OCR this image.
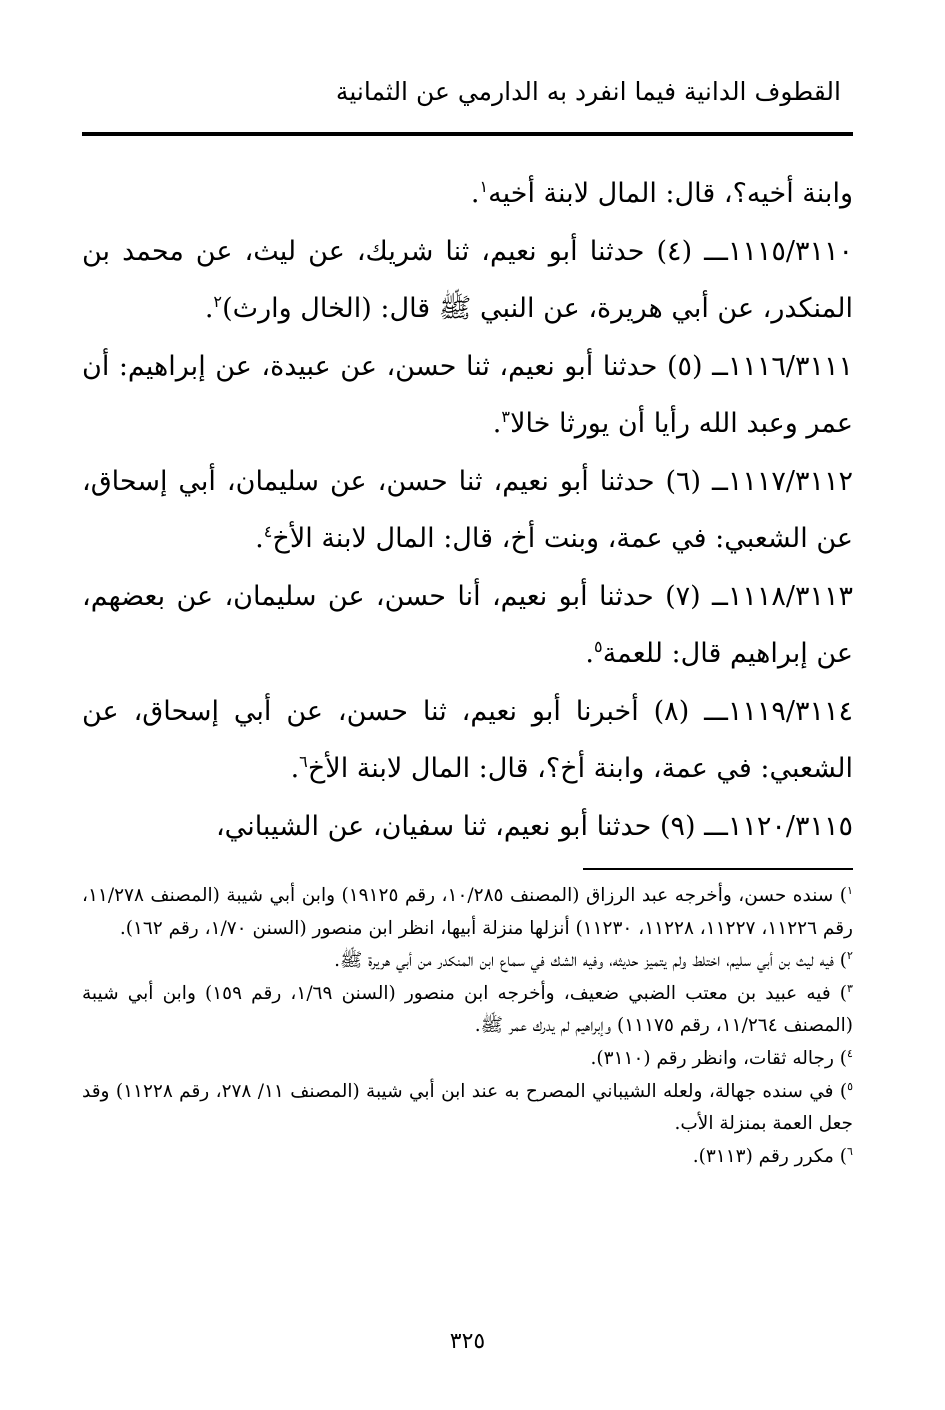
القطوف الدانية فيما انفرد به الدارمي عن الثمانية

وابنة أخيه؟، قال: المال لابنة أخيه$^١$.

١١١٥/٣١١٠ـــ (٤) حدثنا أبو نعيم، ثنا شريك، عن ليث، عن محمد بن المنكدر، عن أبي هريرة، عن النبي ﷺ قال: (الخال وارث)$^٢$.

١١١٦/٣١١١ــ (٥) حدثنا أبو نعيم، ثنا حسن، عن عبيدة، عن إبراهيم: أن عمر وعبد الله رأيا أن يورثا خالا$^٣$.

١١١٧/٣١١٢ــ (٦) حدثنا أبو نعيم، ثنا حسن، عن سليمان، أبي إسحاق، عن الشعبي: في عمة، وبنت أخ، قال: المال لابنة الأخ$^٤$.

١١١٨/٣١١٣ــ (٧) حدثنا أبو نعيم، أنا حسن، عن سليمان، عن بعضهم، عن إبراهيم قال: للعمة$^٥$.

١١١٩/٣١١٤ـــ (٨) أخبرنا أبو نعيم، ثنا حسن، عن أبي إسحاق، عن الشعبي: في عمة، وابنة أخ؟، قال: المال لابنة الأخ$^٦$.

١١٢٠/٣١١٥ـــ (٩) حدثنا أبو نعيم، ثنا سفيان، عن الشيباني،

$^١$) سنده حسن، وأخرجه عبد الرزاق (المصنف ١٠/٢٨٥، رقم ١٩١٢٥) وابن أبي شيبة (المصنف ١١/٢٧٨، رقم ١١٢٢٦، ١١٢٢٧، ١١٢٢٨، ١١٢٣٠) أنزلها منزلة أبيها، انظر ابن منصور (السنن ١/٧٠، رقم ١٦٢).

$^٢$) فيه ليث بن أبي سليم، اختلط ولم يتميز حديثه، وفيه الشك في سماع ابن المنكدر من أبي هريرة ﷺ.

$^٣$) فيه عبيد بن معتب الضبي ضعيف، وأخرجه ابن منصور (السنن ١/٦٩، رقم ١٥٩) وابن أبي شيبة (المصنف ١١/٢٦٤، رقم ١١١٧٥) وإبراهيم لم يدرك عمر ﷺ.

$^٤$) رجاله ثقات، وانظر رقم (٣١١٠).

$^٥$) في سنده جهالة، ولعله الشيباني المصرح به عند ابن أبي شيبة (المصنف ١١/ ٢٧٨، رقم ١١٢٢٨) وقد جعل العمة بمنزلة الأب.

$^٦$) مكرر رقم (٣١١٣).

٣٢٥
